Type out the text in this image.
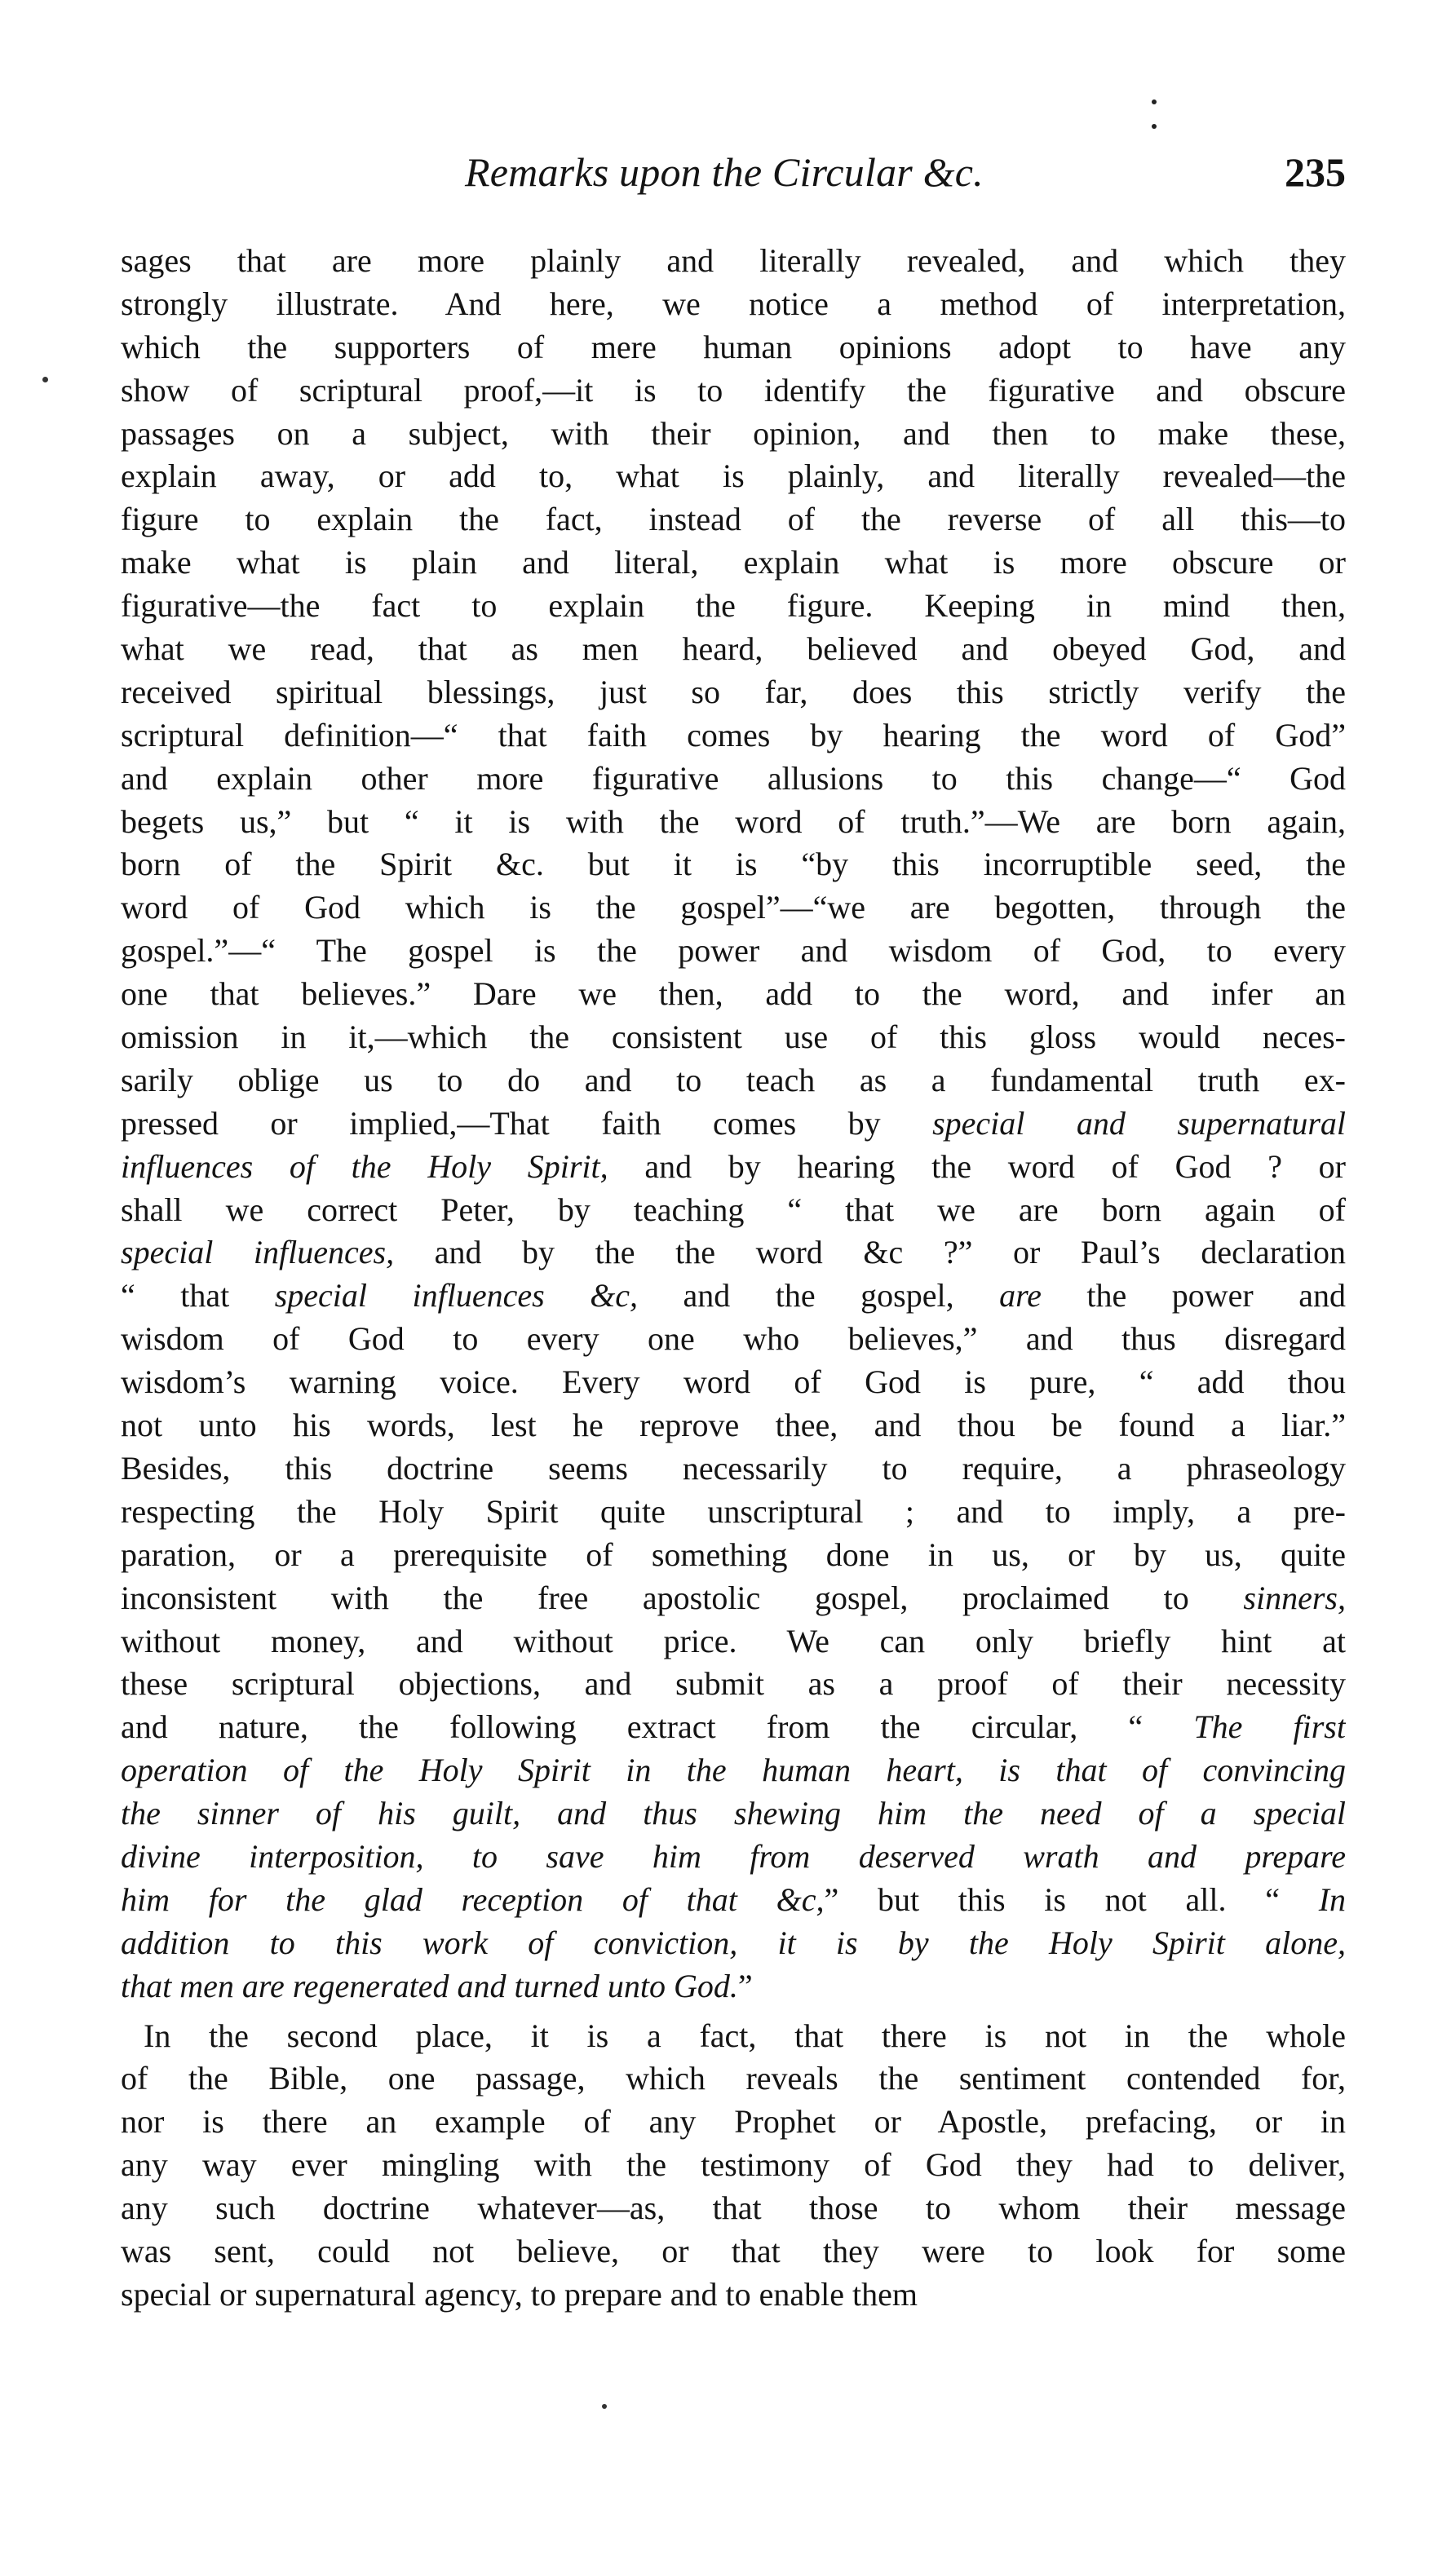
Remarks upon the Circular &c.	235
sages that are more plainly and literally revealed, and which they
strongly illustrate. And here, we notice a method of interpretation,
which the supporters of mere human opinions adopt to have any
show of scriptural proof,—it is to identify the figurative and obscure
passages on a subject, with their opinion, and then to make these,
explain away, or add to, what is plainly, and literally revealed—the
figure to explain the fact, instead of the reverse of all this—to
make what is plain and literal, explain what is more obscure or
figurative—the fact to explain the figure. Keeping in mind then,
what we read, that as men heard, believed and obeyed God, and
received spiritual blessings, just so far, does this strictly verify the
scriptural definition—“ that faith comes by hearing the word of God”
and explain other more figurative allusions to this change—“ God
begets us,” but “ it is with the word of truth.”—We are born again,
born of the Spirit &c. but it is “by this incorruptible seed, the
word of God which is the gospel”—“we are begotten, through the
gospel.”—“ The gospel is the power and wisdom of God, to every
one that believes.” Dare we then, add to the word, and infer an
omission in it,—which the consistent use of this gloss would neces-
sarily oblige us to do and to teach as a fundamental truth ex-
pressed or implied,—That faith comes by special and supernatural
influences of the Holy Spirit, and by hearing the word of God ? or
shall we correct Peter, by teaching “ that we are born again of
special influences, and by the the word &c ?” or Paul’s declaration
“ that special influences &c, and the gospel, are the power and
wisdom of God to every one who believes,” and thus disregard
wisdom’s warning voice. Every word of God is pure, “ add thou
not unto his words, lest he reprove thee, and thou be found a liar.”
Besides, this doctrine seems necessarily to require, a phraseology
respecting the Holy Spirit quite unscriptural ; and to imply, a pre-
paration, or a prerequisite of something done in us, or by us, quite
inconsistent with the free apostolic gospel, proclaimed to sinners,
without money, and without price. We can only briefly hint at
these scriptural objections, and submit as a proof of their necessity
and nature, the following extract from the circular, “ The first
operation of the Holy Spirit in the human heart, is that of convincing
the sinner of his guilt, and thus shewing him the need of a special
divine interposition, to save him from deserved wrath and prepare
him for the glad reception of that &c,” but this is not all. “ In
addition to this work of conviction, it is by the Holy Spirit alone,
that men are regenerated and turned unto God.”
In the second place, it is a fact, that there is not in the whole
of the Bible, one passage, which reveals the sentiment contended for,
nor is there an example of any Prophet or Apostle, prefacing, or in
any way ever mingling with the testimony of God they had to deliver,
any such doctrine whatever—as, that those to whom their message
was sent, could not believe, or that they were to look for some
special or supernatural agency, to prepare and to enable them
